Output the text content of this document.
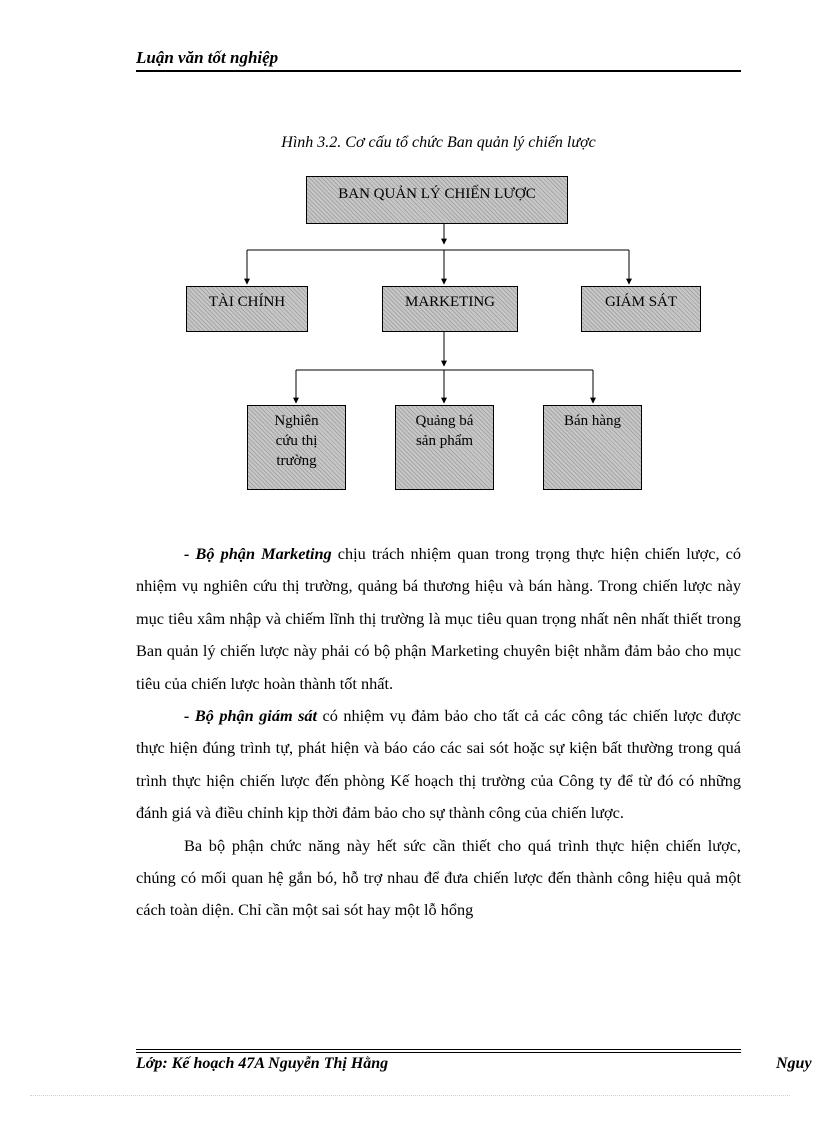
Luận văn tốt nghiệp
Hình 3.2. Cơ cấu tổ chức Ban quản lý chiến lược
BAN QUẢN LÝ CHIẾN LƯỢC
TÀI CHÍNH	MARKETING	GIÁM SÁT
Nghiên
cứu thị
trường
Quảng bá
sản phẩm
Bán hàng

- Bộ phận Marketing chịu trách nhiệm quan trong trọng thực hiện chiến lược, có nhiệm vụ nghiên cứu thị trường, quảng bá thương hiệu và bán hàng. Trong chiến lược này mục tiêu xâm nhập và chiếm lĩnh thị trường là mục tiêu quan trọng nhất nên nhất thiết trong Ban quản lý chiến lược này phải có bộ phận Marketing chuyên biệt nhằm đảm bảo cho mục tiêu của chiến lược hoàn thành tốt nhất.

- Bộ phận giám sát có nhiệm vụ đảm bảo cho tất cả các công tác chiến lược được thực hiện đúng trình tự, phát hiện và báo cáo các sai sót hoặc sự kiện bất thường trong quá trình thực hiện chiến lược đến phòng Kế hoạch thị trường của Công ty để từ đó có những đánh giá và điều chỉnh kịp thời đảm bảo cho sự thành công của chiến lược.

Ba bộ phận chức năng này hết sức cần thiết cho quá trình thực hiện chiến lược, chúng có mối quan hệ gắn bó, hỗ trợ nhau để đưa chiến lược đến thành công hiệu quả một cách toàn diện. Chỉ cần một sai sót hay một lỗ hổng

Lớp: Kế hoạch 47A Nguyễn Thị Hằng	Nguy
